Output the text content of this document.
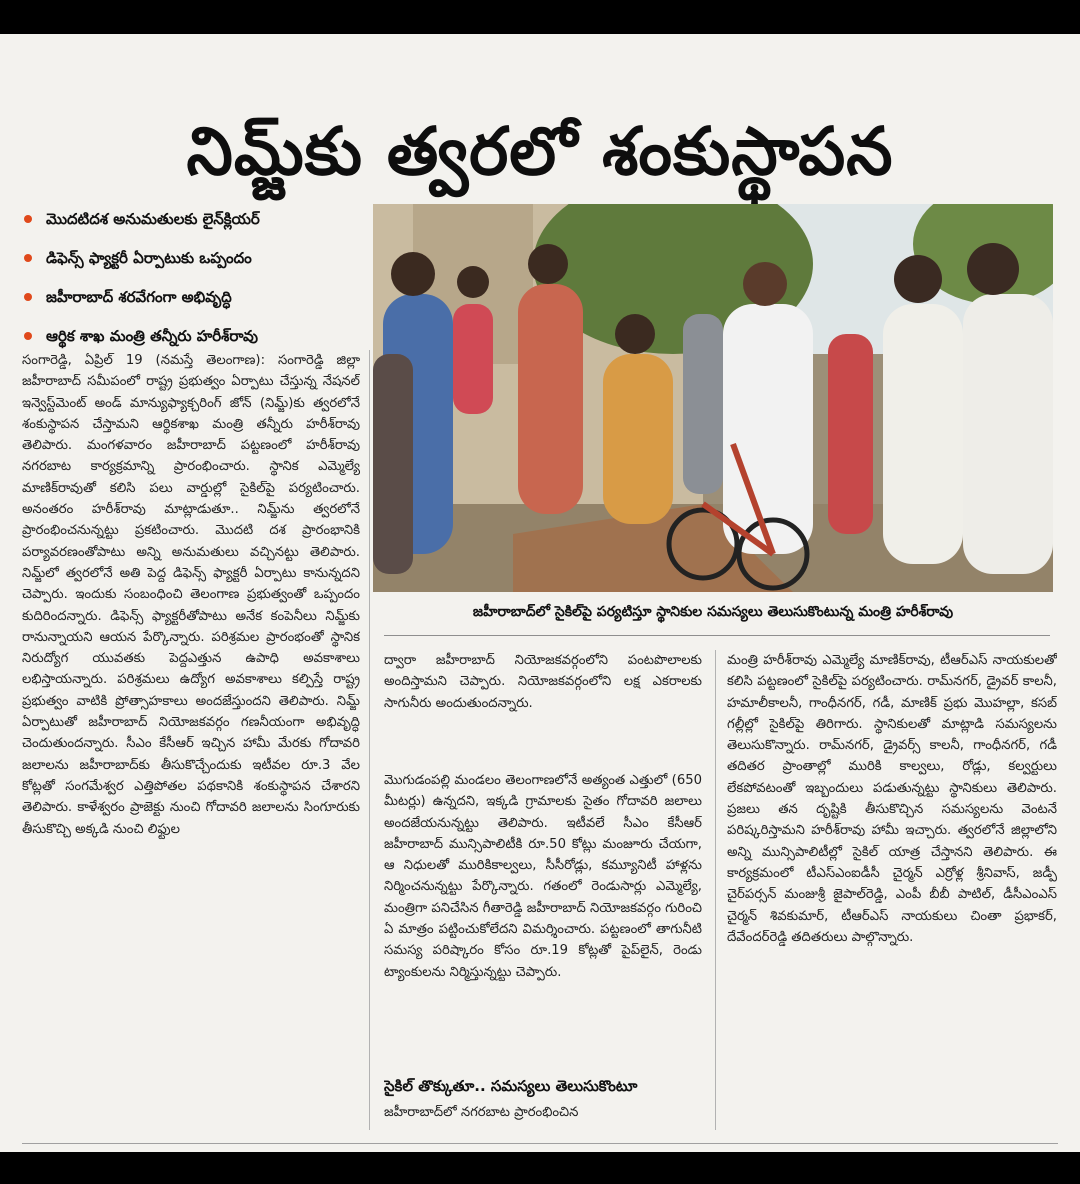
నిమ్జ్‌కు త్వరలో శంకుస్థాపన
మొదటిదశ అనుమతులకు లైన్‌క్లియర్
డిఫెన్స్ ఫ్యాక్టరీ ఏర్పాటుకు ఒప్పందం
జహీరాబాద్ శరవేగంగా అభివృద్ధి
ఆర్థిక శాఖ మంత్రి తన్నీరు హరీశ్‌రావు
జహీరాబాద్‌లో సైకిల్‌పై పర్యటిస్తూ స్థానికుల సమస్యలు తెలుసుకొంటున్న మంత్రి హరీశ్‌రావు
సంగారెడ్డి, ఏప్రిల్ 19 (నమస్తే తెలంగాణ): సంగారెడ్డి జిల్లా జహీరాబాద్ సమీపంలో రాష్ట్ర ప్రభుత్వం ఏర్పాటు చేస్తున్న నేషనల్ ఇన్వెస్ట్‌మెంట్ అండ్ మాన్యుఫ్యాక్చరింగ్ జోన్ (నిమ్జ్)కు త్వరలోనే శంకుస్థాపన చేస్తామని ఆర్థికశాఖ మంత్రి తన్నీరు హరీశ్‌రావు తెలిపారు. మంగళవారం జహీరాబాద్ పట్టణంలో హరీశ్‌రావు నగరబాట కార్యక్రమాన్ని ప్రారంభించారు. స్థానిక ఎమ్మెల్యే మాణిక్‌రావుతో కలిసి పలు వార్డుల్లో సైకిల్‌పై పర్యటించారు. అనంతరం హరీశ్‌రావు మాట్లాడుతూ.. నిమ్జ్‌ను త్వరలోనే ప్రారంభించనున్నట్టు ప్రకటించారు. మొదటి దశ ప్రారంభానికి పర్యావరణంతోపాటు అన్ని అనుమతులు వచ్చినట్టు తెలిపారు. నిమ్జ్‌లో త్వరలోనే అతి పెద్ద డిఫెన్స్ ఫ్యాక్టరీ ఏర్పాటు కానున్నదని చెప్పారు. ఇందుకు సంబంధించి తెలంగాణ ప్రభుత్వంతో ఒప్పందం కుదిరిందన్నారు. డిఫెన్స్ ఫ్యాక్టరీతోపాటు అనేక కంపెనీలు నిమ్జ్‌కు రానున్నాయని ఆయన పేర్కొన్నారు. పరిశ్రమల ప్రారంభంతో స్థానిక నిరుద్యోగ యువతకు పెద్దఎత్తున ఉపాధి అవకాశాలు లభిస్తాయన్నారు. పరిశ్రమలు ఉద్యోగ అవకాశాలు కల్పిస్తే రాష్ట్ర ప్రభుత్వం వాటికి ప్రోత్సాహకాలు అందజేస్తుందని తెలిపారు. నిమ్జ్ ఏర్పాటుతో జహీరాబాద్ నియోజకవర్గం గణనీయంగా అభివృద్ధి చెందుతుందన్నారు. సీఎం కేసీఆర్ ఇచ్చిన హామీ మేరకు గోదావరి జలాలను జహీరాబాద్‌కు తీసుకొచ్చేందుకు ఇటీవల రూ.3 వేల కోట్లతో సంగమేశ్వర ఎత్తిపోతల పథకానికి శంకుస్థాపన చేశారని తెలిపారు. కాళేశ్వరం ప్రాజెక్టు నుంచి గోదావరి జలాలను సింగూరుకు తీసుకొచ్చి అక్కడి నుంచి లిఫ్టుల
ద్వారా జహీరాబాద్ నియోజకవర్గంలోని పంటపొలాలకు అందిస్తామని చెప్పారు. నియోజకవర్గంలోని లక్ష ఎకరాలకు సాగునీరు అందుతుందన్నారు.
మొగుడంపల్లి మండలం తెలంగాణలోనే అత్యంత ఎత్తులో (650 మీటర్లు) ఉన్నదని, ఇక్కడి గ్రామాలకు సైతం గోదావరి జలాలు అందజేయనున్నట్టు తెలిపారు. ఇటీవలే సీఎం కేసీఆర్ జహీరాబాద్ మున్సిపాలిటీకి రూ.50 కోట్లు మంజూరు చేయగా, ఆ నిధులతో మురికికాల్వలు, సీసీరోడ్లు, కమ్యూనిటీ హాళ్లను నిర్మించనున్నట్టు పేర్కొన్నారు. గతంలో రెండుసార్లు ఎమ్మెల్యే, మంత్రిగా పనిచేసిన గీతారెడ్డి జహీరాబాద్ నియోజకవర్గం గురించి ఏ మాత్రం పట్టించుకోలేదని విమర్శించారు. పట్టణంలో తాగునీటి సమస్య పరిష్కారం కోసం రూ.19 కోట్లతో పైప్‌లైన్, రెండు ట్యాంకులను నిర్మిస్తున్నట్టు చెప్పారు.
సైకిల్ తొక్కుతూ.. సమస్యలు తెలుసుకొంటూ
జహీరాబాద్‌లో నగరబాట ప్రారంభించిన
మంత్రి హరీశ్‌రావు ఎమ్మెల్యే మాణిక్‌రావు, టీఆర్‌ఎస్ నాయకులతో కలిసి పట్టణంలో సైకిల్‌పై పర్యటించారు. రామ్‌నగర్, డ్రైవర్ కాలనీ, హమాలీకాలనీ, గాంధీనగర్, గడీ, మాణిక్ ప్రభు మొహల్లా, కసబ్ గల్లీల్లో సైకిల్‌పై తిరిగారు. స్థానికులతో మాట్లాడి సమస్యలను తెలుసుకొన్నారు. రామ్‌నగర్, డ్రైవర్స్ కాలనీ, గాంధీనగర్, గడీ తదితర ప్రాంతాల్లో మురికి కాల్వలు, రోడ్లు, కల్వర్టులు లేకపోవటంతో ఇబ్బందులు పడుతున్నట్టు స్థానికులు తెలిపారు. ప్రజలు తన దృష్టికి తీసుకొచ్చిన సమస్యలను వెంటనే పరిష్కరిస్తామని హరీశ్‌రావు హామీ ఇచ్చారు. త్వరలోనే జిల్లాలోని అన్ని మున్సిపాలిటీల్లో సైకిల్ యాత్ర చేస్తానని తెలిపారు. ఈ కార్యక్రమంలో టీఎస్‌ఎంఐడీసీ చైర్మన్ ఎర్రోళ్ల శ్రీనివాస్, జడ్పీ చైర్‌పర్సన్ మంజుశ్రీ జైపాల్‌రెడ్డి, ఎంపీ బీబీ పాటిల్, డీసీఎంఎస్ చైర్మన్ శివకుమార్, టీఆర్‌ఎస్ నాయకులు చింతా ప్రభాకర్, దేవేందర్‌రెడ్డి తదితరులు పాల్గొన్నారు.
